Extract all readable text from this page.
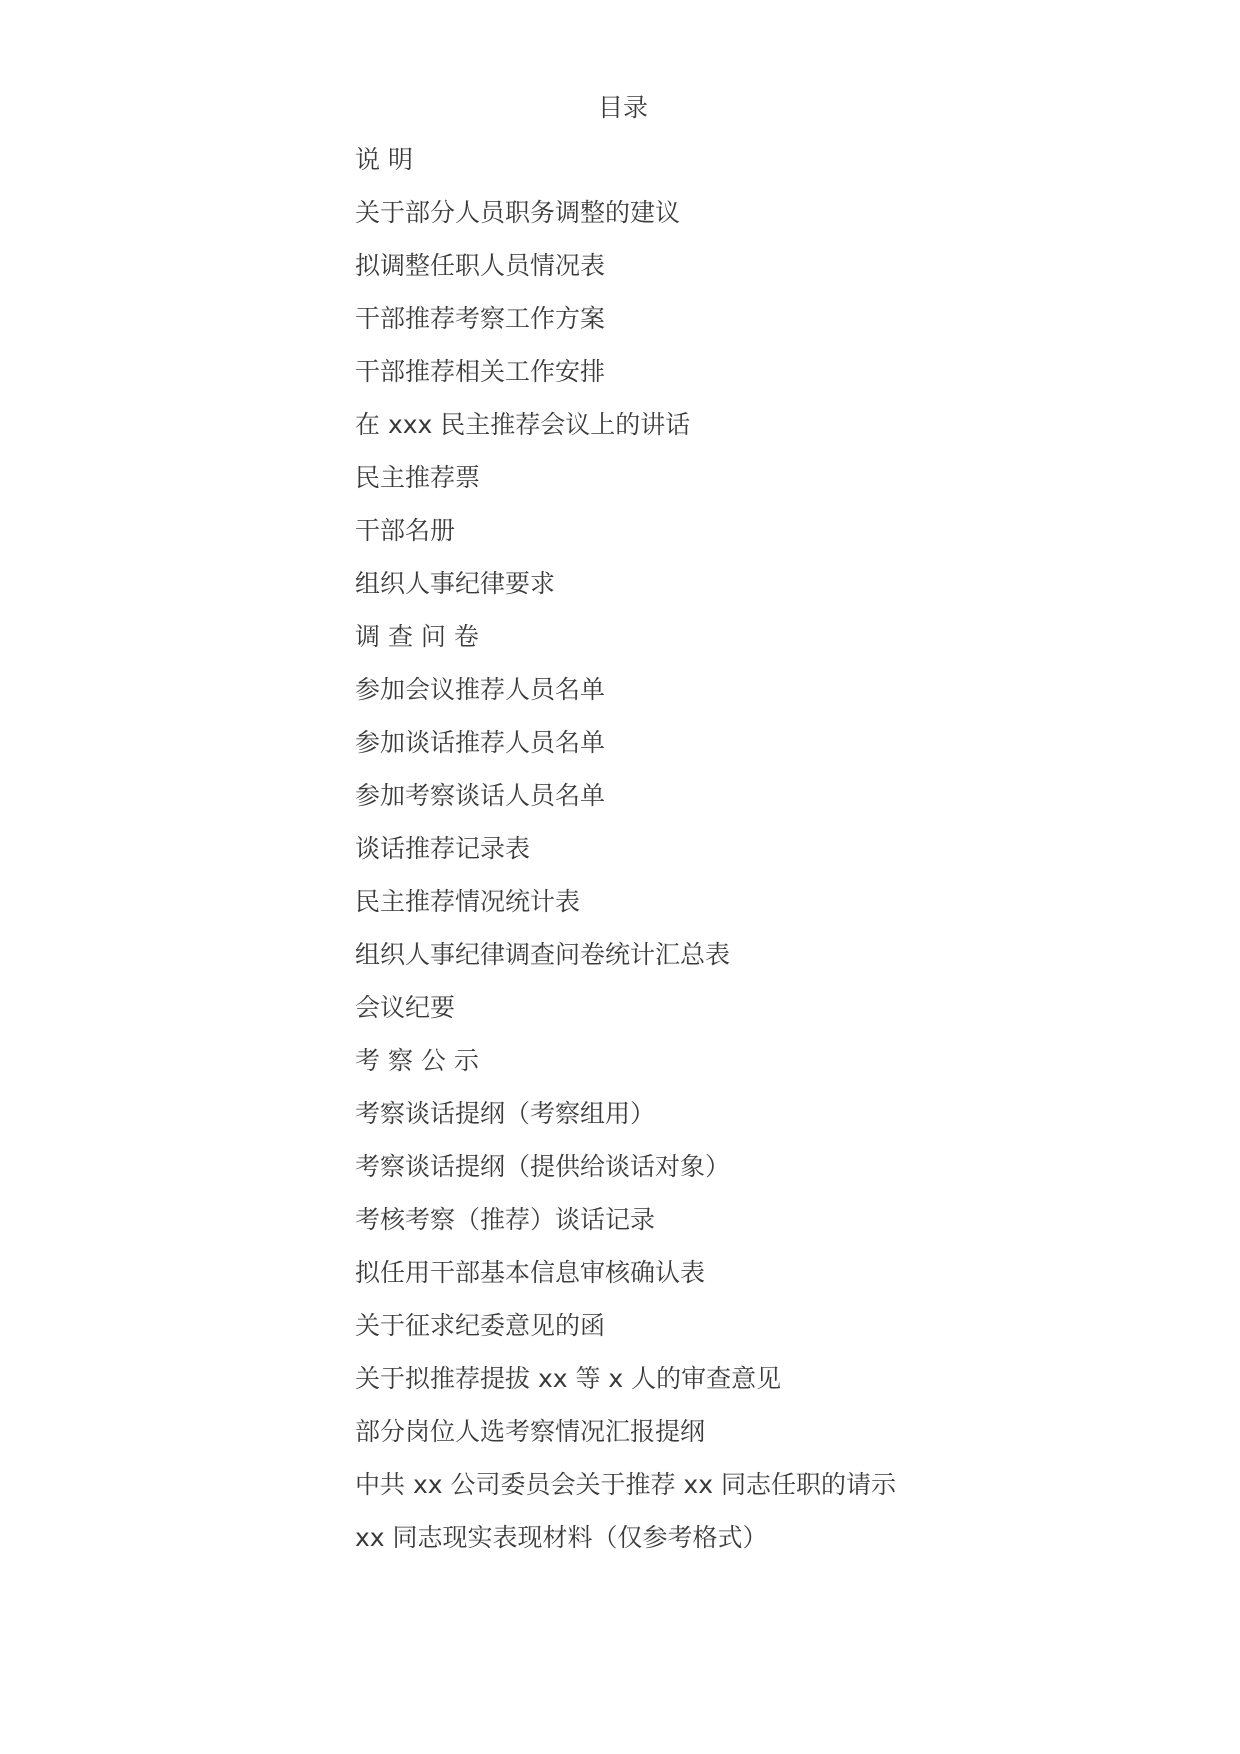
目录
说 明
关于部分人员职务调整的建议
拟调整任职人员情况表
干部推荐考察工作方案
干部推荐相关工作安排
在 xxx 民主推荐会议上的讲话
民主推荐票
干部名册
组织人事纪律要求
调 查 问 卷
参加会议推荐人员名单
参加谈话推荐人员名单
参加考察谈话人员名单
谈话推荐记录表
民主推荐情况统计表
组织人事纪律调查问卷统计汇总表
会议纪要
考 察 公 示
考察谈话提纲（考察组用）
考察谈话提纲（提供给谈话对象）
考核考察（推荐）谈话记录
拟任用干部基本信息审核确认表
关于征求纪委意见的函
关于拟推荐提拔 xx 等 x 人的审查意见
部分岗位人选考察情况汇报提纲
中共 xx 公司委员会关于推荐 xx 同志任职的请示
xx 同志现实表现材料（仅参考格式）
